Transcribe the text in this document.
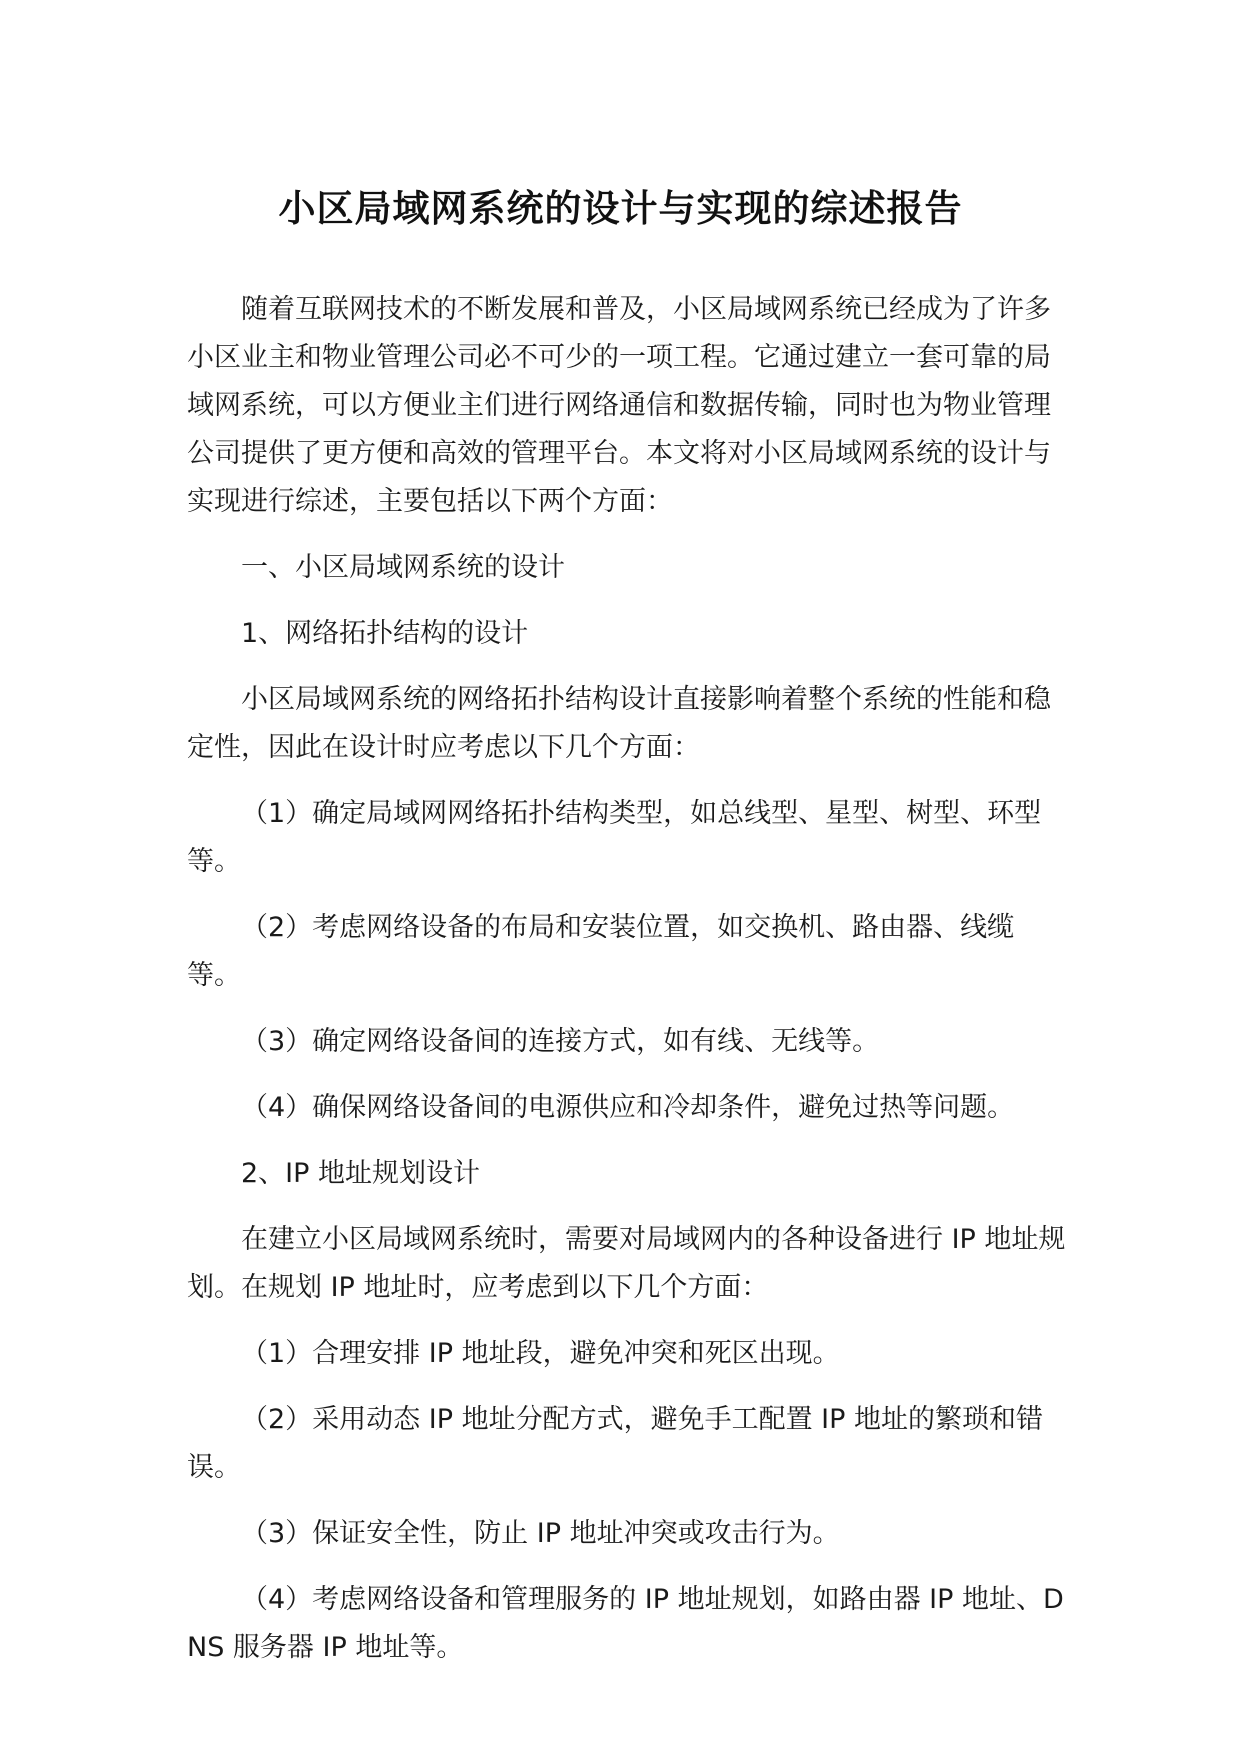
小区局域网系统的设计与实现的综述报告

随着互联网技术的不断发展和普及，小区局域网系统已经成为了许多小区业主和物业管理公司必不可少的一项工程。它通过建立一套可靠的局域网系统，可以方便业主们进行网络通信和数据传输，同时也为物业管理公司提供了更方便和高效的管理平台。本文将对小区局域网系统的设计与实现进行综述，主要包括以下两个方面：

一、小区局域网系统的设计

1、网络拓扑结构的设计

小区局域网系统的网络拓扑结构设计直接影响着整个系统的性能和稳定性，因此在设计时应考虑以下几个方面：

（1）确定局域网网络拓扑结构类型，如总线型、星型、树型、环型等。

（2）考虑网络设备的布局和安装位置，如交换机、路由器、线缆等。

（3）确定网络设备间的连接方式，如有线、无线等。

（4）确保网络设备间的电源供应和冷却条件，避免过热等问题。

2、IP 地址规划设计

在建立小区局域网系统时，需要对局域网内的各种设备进行 IP 地址规划。在规划 IP 地址时，应考虑到以下几个方面：

（1）合理安排 IP 地址段，避免冲突和死区出现。

（2）采用动态 IP 地址分配方式，避免手工配置 IP 地址的繁琐和错误。

（3）保证安全性，防止 IP 地址冲突或攻击行为。

（4）考虑网络设备和管理服务的 IP 地址规划，如路由器 IP 地址、DNS 服务器 IP 地址等。
